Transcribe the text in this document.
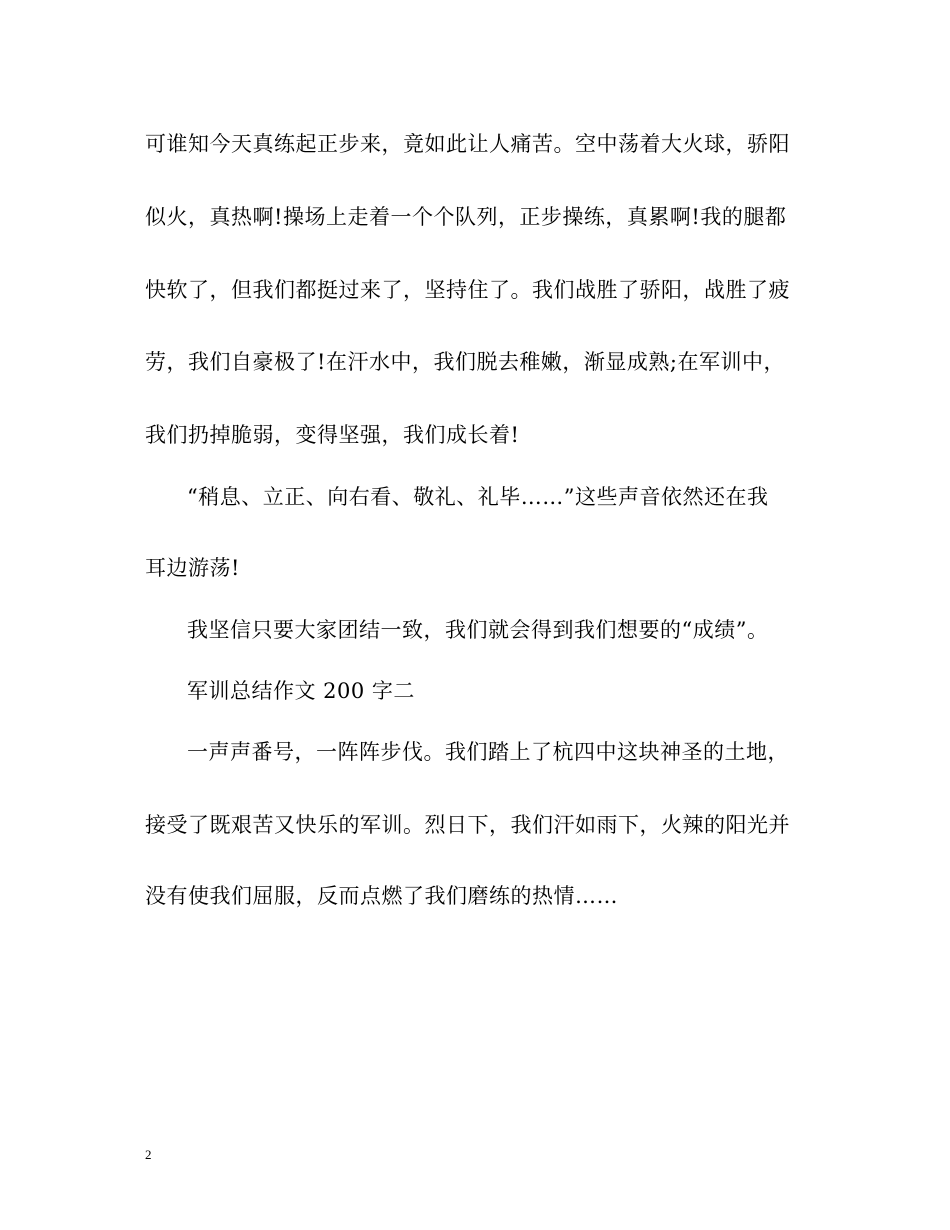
可谁知今天真练起正步来，竟如此让人痛苦。空中荡着大火球，骄阳
似火，真热啊!操场上走着一个个队列，正步操练，真累啊!我的腿都
快软了，但我们都挺过来了，坚持住了。我们战胜了骄阳，战胜了疲
劳，我们自豪极了!在汗水中，我们脱去稚嫩，渐显成熟;在军训中，
我们扔掉脆弱，变得坚强，我们成长着!
“稍息、立正、向右看、敬礼、礼毕……”这些声音依然还在我
耳边游荡!
我坚信只要大家团结一致，我们就会得到我们想要的“成绩”。
军训总结作文 200 字二
一声声番号，一阵阵步伐。我们踏上了杭四中这块神圣的土地，
接受了既艰苦又快乐的军训。烈日下，我们汗如雨下，火辣的阳光并
没有使我们屈服，反而点燃了我们磨练的热情……
2
